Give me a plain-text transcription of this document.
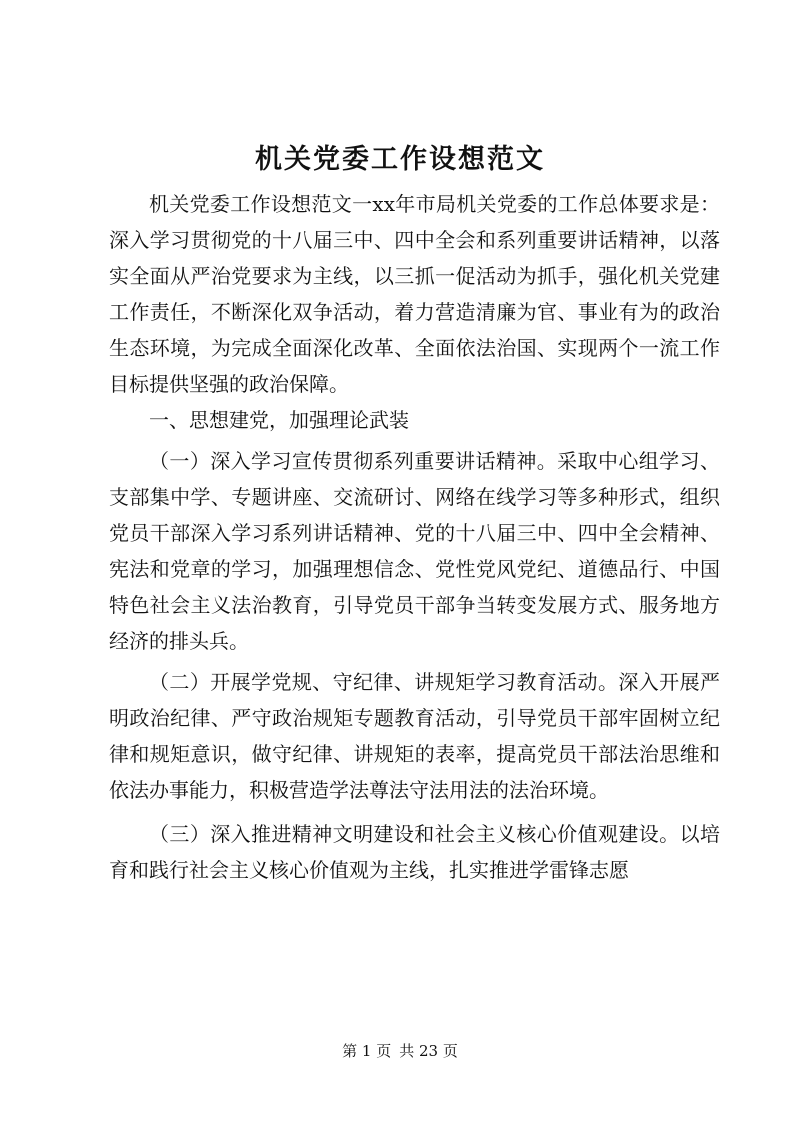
机关党委工作设想范文

机关党委工作设想范文一xx年市局机关党委的工作总体要求是：深入学习贯彻党的十八届三中、四中全会和系列重要讲话精神，以落实全面从严治党要求为主线，以三抓一促活动为抓手，强化机关党建工作责任，不断深化双争活动，着力营造清廉为官、事业有为的政治生态环境，为完成全面深化改革、全面依法治国、实现两个一流工作目标提供坚强的政治保障。

一、思想建党，加强理论武装

（一）深入学习宣传贯彻系列重要讲话精神。采取中心组学习、支部集中学、专题讲座、交流研讨、网络在线学习等多种形式，组织党员干部深入学习系列讲话精神、党的十八届三中、四中全会精神、宪法和党章的学习，加强理想信念、党性党风党纪、道德品行、中国特色社会主义法治教育，引导党员干部争当转变发展方式、服务地方经济的排头兵。

（二）开展学党规、守纪律、讲规矩学习教育活动。深入开展严明政治纪律、严守政治规矩专题教育活动，引导党员干部牢固树立纪律和规矩意识，做守纪律、讲规矩的表率，提高党员干部法治思维和依法办事能力，积极营造学法尊法守法用法的法治环境。

（三）深入推进精神文明建设和社会主义核心价值观建设。以培育和践行社会主义核心价值观为主线，扎实推进学雷锋志愿

第 1 页 共 23 页
